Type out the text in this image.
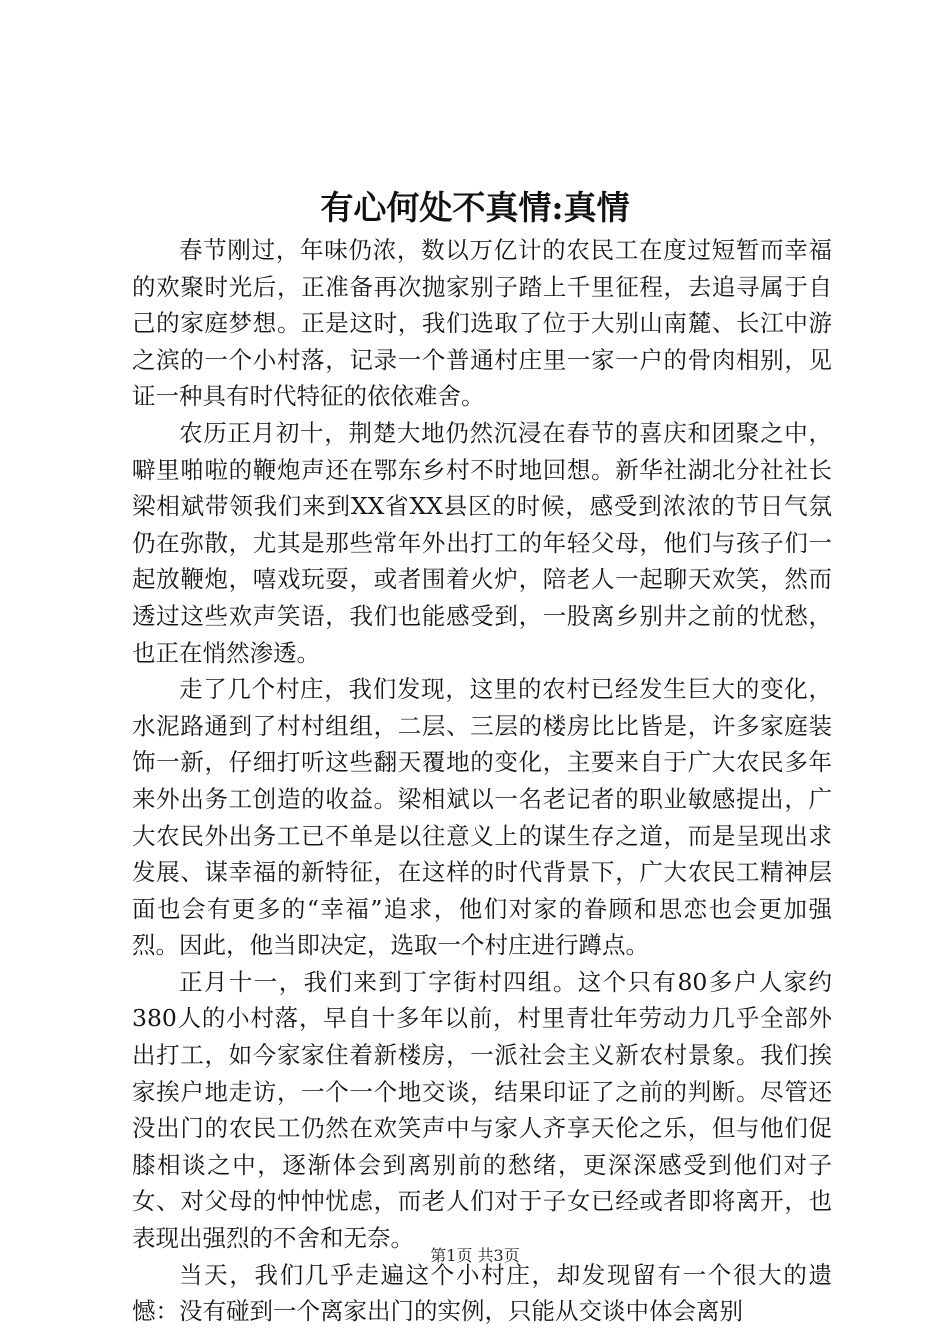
有心何处不真情:真情

春节刚过，年味仍浓，数以万亿计的农民工在度过短暂而幸福的欢聚时光后，正准备再次抛家别子踏上千里征程，去追寻属于自己的家庭梦想。正是这时，我们选取了位于大别山南麓、长江中游之滨的一个小村落，记录一个普通村庄里一家一户的骨肉相别，见证一种具有时代特征的依依难舍。

农历正月初十，荆楚大地仍然沉浸在春节的喜庆和团聚之中，噼里啪啦的鞭炮声还在鄂东乡村不时地回想。新华社湖北分社社长梁相斌带领我们来到XX省XX县区的时候，感受到浓浓的节日气氛仍在弥散，尤其是那些常年外出打工的年轻父母，他们与孩子们一起放鞭炮，嘻戏玩耍，或者围着火炉，陪老人一起聊天欢笑，然而透过这些欢声笑语，我们也能感受到，一股离乡别井之前的忧愁，也正在悄然渗透。

走了几个村庄，我们发现，这里的农村已经发生巨大的变化，水泥路通到了村村组组，二层、三层的楼房比比皆是，许多家庭装饰一新，仔细打听这些翻天覆地的变化，主要来自于广大农民多年来外出务工创造的收益。梁相斌以一名老记者的职业敏感提出，广大农民外出务工已不单是以往意义上的谋生存之道，而是呈现出求发展、谋幸福的新特征，在这样的时代背景下，广大农民工精神层面也会有更多的“幸福”追求，他们对家的眷顾和思恋也会更加强烈。因此，他当即决定，选取一个村庄进行蹲点。

正月十一，我们来到丁字街村四组。这个只有80多户人家约380人的小村落，早自十多年以前，村里青壮年劳动力几乎全部外出打工，如今家家住着新楼房，一派社会主义新农村景象。我们挨家挨户地走访，一个一个地交谈，结果印证了之前的判断。尽管还没出门的农民工仍然在欢笑声中与家人齐享天伦之乐，但与他们促膝相谈之中，逐渐体会到离别前的愁绪，更深深感受到他们对子女、对父母的忡忡忧虑，而老人们对于子女已经或者即将离开，也表现出强烈的不舍和无奈。

当天，我们几乎走遍这个小村庄，却发现留有一个很大的遗憾：没有碰到一个离家出门的实例，只能从交谈中体会离别

第1页 共3页
